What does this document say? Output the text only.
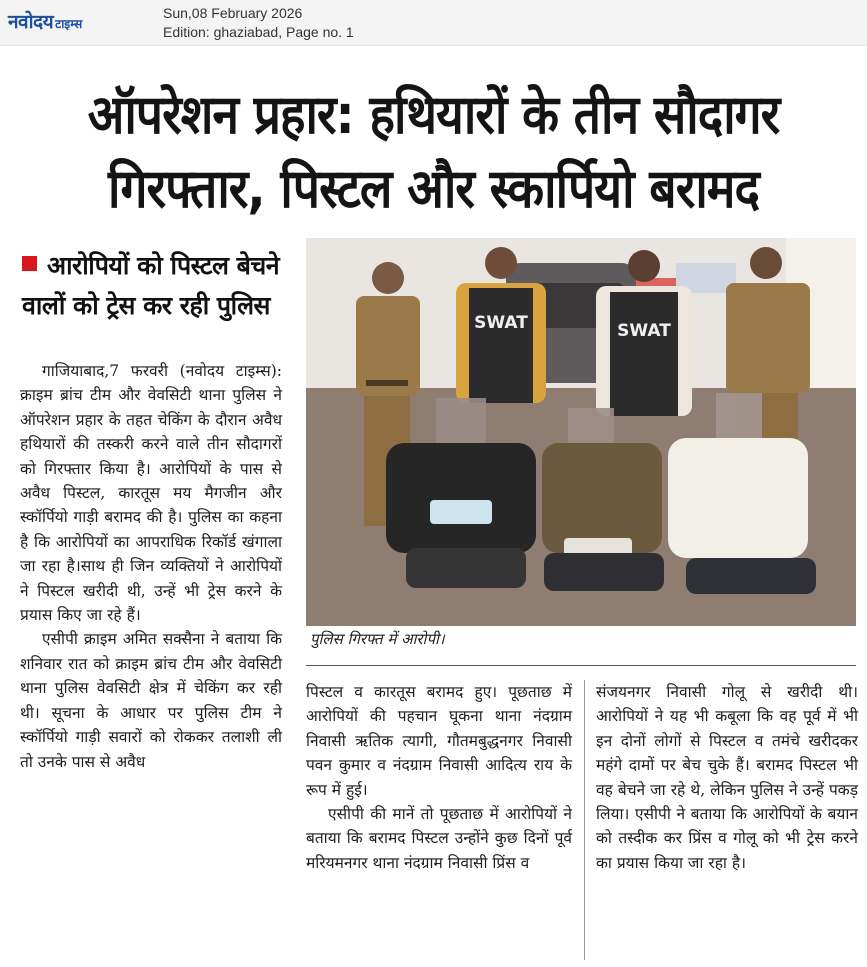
नवोदय टाइम्स
Sun,08 February 2026
Edition: ghaziabad, Page no. 1
ऑपरेशन प्रहार: हथियारों के तीन सौदागर
गिरफ्तार, पिस्टल और स्कार्पियो बरामद
आरोपियों को पिस्टल बेचने वालों को ट्रेस कर रही पुलिस

गाजियाबाद,7 फरवरी (नवोदय टाइम्स): क्राइम ब्रांच टीम और वेवसिटी थाना पुलिस ने ऑपरेशन प्रहार के तहत चेकिंग के दौरान अवैध हथियारों की तस्करी करने वाले तीन सौदागरों को गिरफ्तार किया है। आरोपियों के पास से अवैध पिस्टल, कारतूस मय मैगजीन और स्कॉर्पियो गाड़ी बरामद की है। पुलिस का कहना है कि आरोपियों का आपराधिक रिकॉर्ड खंगाला जा रहा है।साथ ही जिन व्यक्तियों ने आरोपियों ने पिस्टल खरीदी थी, उन्हें भी ट्रेस करने के प्रयास किए जा रहे हैं।

एसीपी क्राइम अमित सक्सैना ने बताया कि शनिवार रात को क्राइम ब्रांच टीम और वेवसिटी थाना पुलिस वेवसिटी क्षेत्र में चेकिंग कर रही थी। सूचना के आधार पर पुलिस टीम ने स्कॉर्पियो गाड़ी सवारों को रोककर तलाशी ली तो उनके पास से अवैध

SWAT	SWAT
पुलिस गिरफ्त में आरोपी।

पिस्टल व कारतूस बरामद हुए। पूछताछ में आरोपियों की पहचान घूकना थाना नंदग्राम निवासी ऋतिक त्यागी, गौतमबुद्धनगर निवासी पवन कुमार व नंदग्राम निवासी आदित्य राय के रूप में हुई।

एसीपी की मानें तो पूछताछ में आरोपियों ने बताया कि बरामद पिस्टल उन्होंने कुछ दिनों पूर्व मरियमनगर थाना नंदग्राम निवासी प्रिंस व

संजयनगर निवासी गोलू से खरीदी थी। आरोपियों ने यह भी कबूला कि वह पूर्व में भी इन दोनों लोगों से पिस्टल व तमंचे खरीदकर महंगे दामों पर बेच चुके हैं। बरामद पिस्टल भी वह बेचने जा रहे थे, लेकिन पुलिस ने उन्हें पकड़ लिया। एसीपी ने बताया कि आरोपियों के बयान को तस्दीक कर प्रिंस व गोलू को भी ट्रेस करने का प्रयास किया जा रहा है।
